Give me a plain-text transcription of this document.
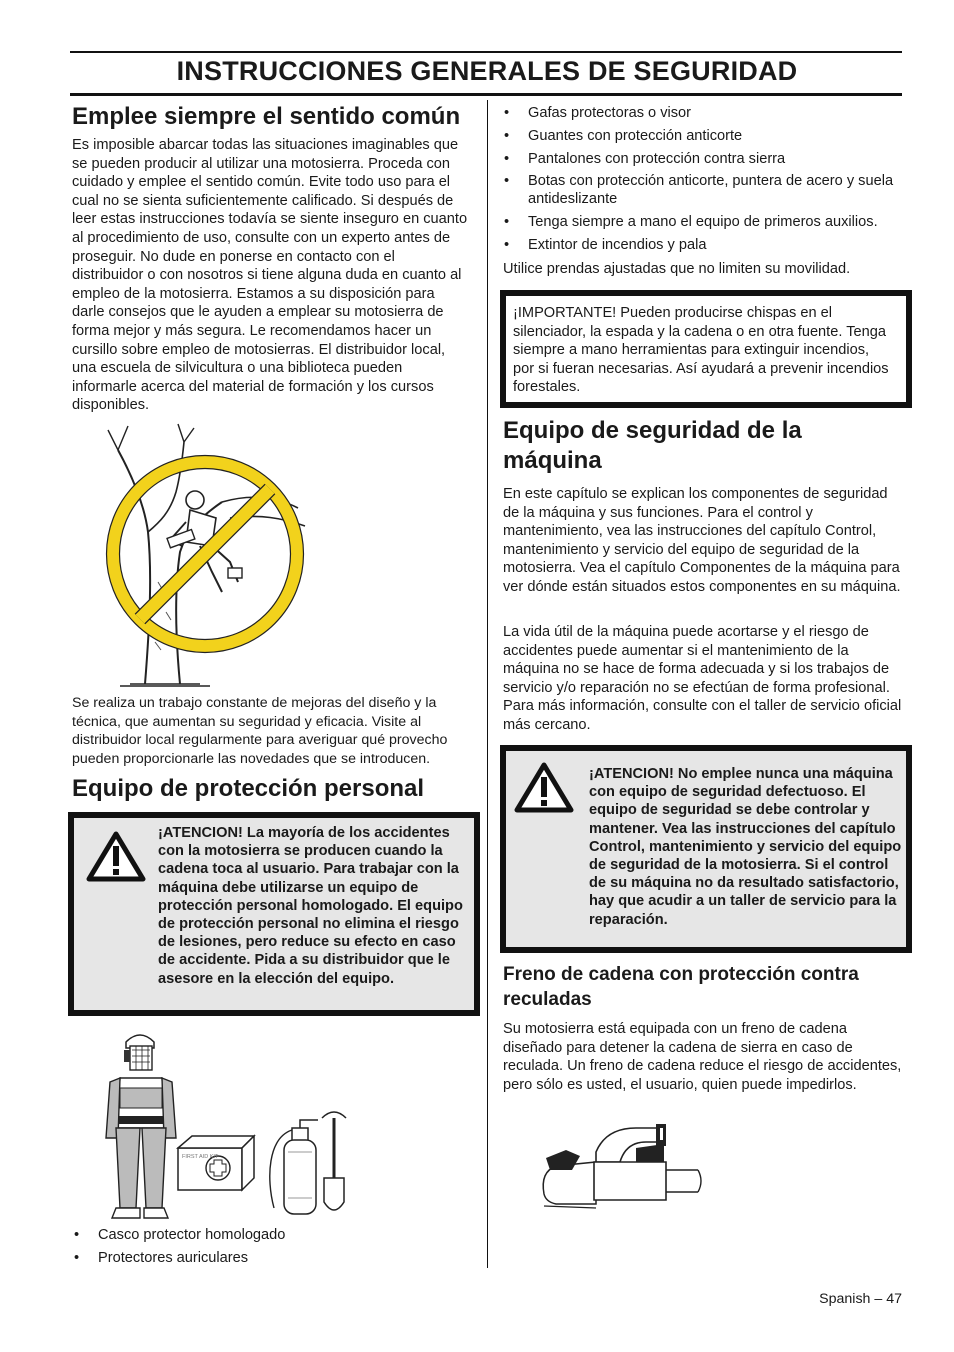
INSTRUCCIONES GENERALES DE SEGURIDAD
Emplee siempre el sentido común

Es imposible abarcar todas las situaciones imaginables que se pueden producir al utilizar una motosierra. Proceda con cuidado y emplee el sentido común. Evite todo uso para el cual no se sienta suficientemente calificado. Si después de leer estas instrucciones todavía se siente inseguro en cuanto al procedimiento de uso, consulte con un experto antes de proseguir. No dude en ponerse en contacto con el distribuidor o con nosotros si tiene alguna duda en cuanto al empleo de la motosierra. Estamos a su disposición para darle consejos que le ayuden a emplear su motosierra de forma mejor y más segura. Le recomendamos hacer un cursillo sobre empleo de motosierras. El distribuidor local, una escuela de silvicultura o una biblioteca pueden informarle acerca del material de formación y los cursos disponibles.

Se realiza un trabajo constante de mejoras del diseño y la técnica, que aumentan su seguridad y eficacia. Visite al distribuidor local regularmente para averiguar qué provecho pueden proporcionarle las novedades que se introducen.

Equipo de protección personal

¡ATENCION! La mayoría de los accidentes con la motosierra se producen cuando la cadena toca al usuario. Para trabajar con la máquina debe utilizarse un equipo de protección personal homologado. El equipo de protección personal no elimina el riesgo de lesiones, pero reduce su efecto en caso de accidente. Pida a su distribuidor que le asesore en la elección del equipo.

FIRST AID KIT
• Casco protector homologado
• Protectores auriculares
• Gafas protectoras o visor
• Guantes con protección anticorte
• Pantalones con protección contra sierra
• Botas con protección anticorte, puntera de acero y suela antideslizante
• Tenga siempre a mano el equipo de primeros auxilios.
• Extintor de incendios y pala

Utilice prendas ajustadas que no limiten su movilidad.

¡IMPORTANTE! Pueden producirse chispas en el silenciador, la espada y la cadena o en otra fuente. Tenga siempre a mano herramientas para extinguir incendios, por si fueran necesarias. Así ayudará a prevenir incendios forestales.

Equipo de seguridad de la máquina

En este capítulo se explican los componentes de seguridad de la máquina y sus funciones. Para el control y mantenimiento, vea las instrucciones del capítulo Control, mantenimiento y servicio del equipo de seguridad de la motosierra. Vea el capítulo Componentes de la máquina para ver dónde están situados estos componentes en su máquina.

La vida útil de la máquina puede acortarse y el riesgo de accidentes puede aumentar si el mantenimiento de la máquina no se hace de forma adecuada y si los trabajos de servicio y/o reparación no se efectúan de forma profesional. Para más información, consulte con el taller de servicio oficial más cercano.

¡ATENCION! No emplee nunca una máquina con equipo de seguridad defectuoso. El equipo de seguridad se debe controlar y mantener. Vea las instrucciones del capítulo Control, mantenimiento y servicio del equipo de seguridad de la motosierra. Si el control de su máquina no da resultado satisfactorio, hay que acudir a un taller de servicio para la reparación.

Freno de cadena con protección contra reculadas

Su motosierra está equipada con un freno de cadena diseñado para detener la cadena de sierra en caso de reculada. Un freno de cadena reduce el riesgo de accidentes, pero sólo es usted, el usuario, quien puede impedirlos.

Spanish – 47
